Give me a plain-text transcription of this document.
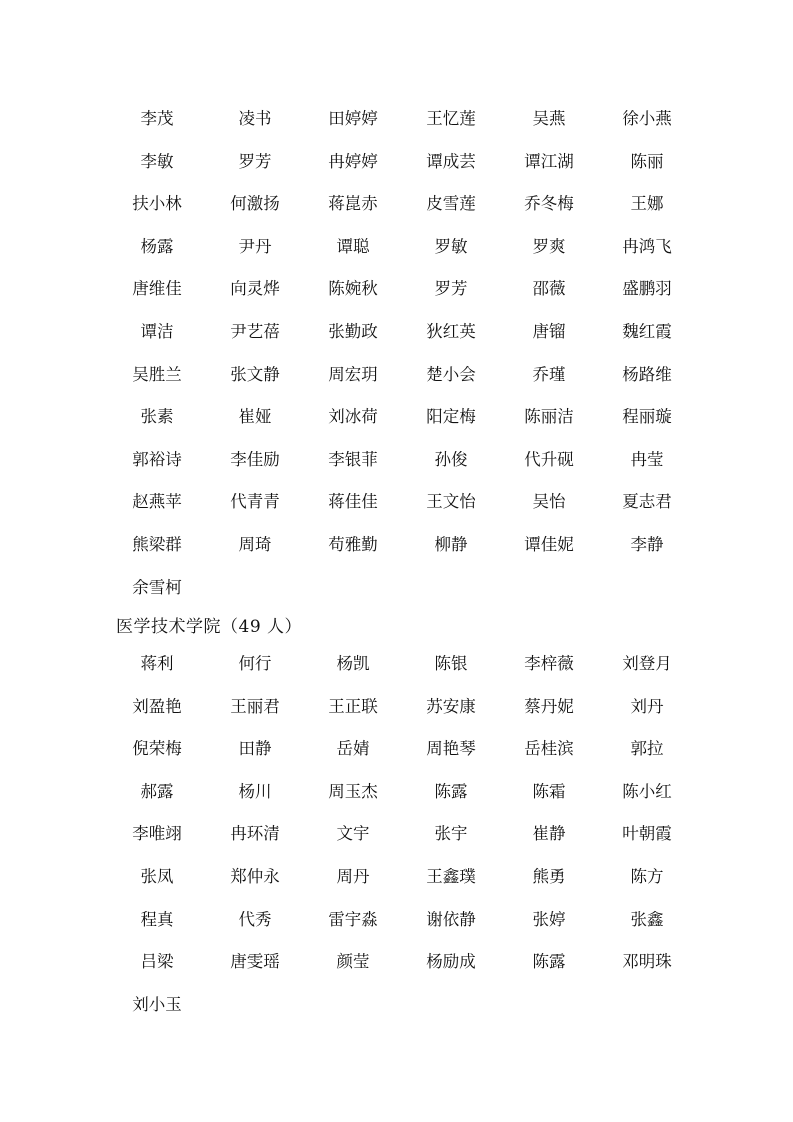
李茂	凌书	田婷婷	王忆莲	吴燕	徐小燕
李敏	罗芳	冉婷婷	谭成芸	谭江湖	陈丽
扶小林	何激扬	蒋崑赤	皮雪莲	乔冬梅	王娜
杨露	尹丹	谭聪	罗敏	罗爽	冉鸿飞
唐维佳	向灵烨	陈婉秋	罗芳	邵薇	盛鹏羽
谭洁	尹艺蓓	张勤政	狄红英	唐镏	魏红霞
吴胜兰	张文静	周宏玥	楚小会	乔瑾	杨路维
张素	崔娅	刘冰荷	阳定梅	陈丽洁	程丽璇
郭裕诗	李佳励	李银菲	孙俊	代升砚	冉莹
赵燕苹	代青青	蒋佳佳	王文怡	吴怡	夏志君
熊梁群	周琦	苟雅勤	柳静	谭佳妮	李静
余雪柯
医学技术学院（49 人）
蒋利	何行	杨凯	陈银	李梓薇	刘登月
刘盈艳	王丽君	王正联	苏安康	蔡丹妮	刘丹
倪荣梅	田静	岳婧	周艳琴	岳桂滨	郭拉
郝露	杨川	周玉杰	陈露	陈霜	陈小红
李唯翊	冉环清	文宇	张宇	崔静	叶朝霞
张凤	郑仲永	周丹	王鑫璞	熊勇	陈方
程真	代秀	雷宇淼	谢依静	张婷	张鑫
吕梁	唐雯瑶	颜莹	杨励成	陈露	邓明珠
刘小玉
